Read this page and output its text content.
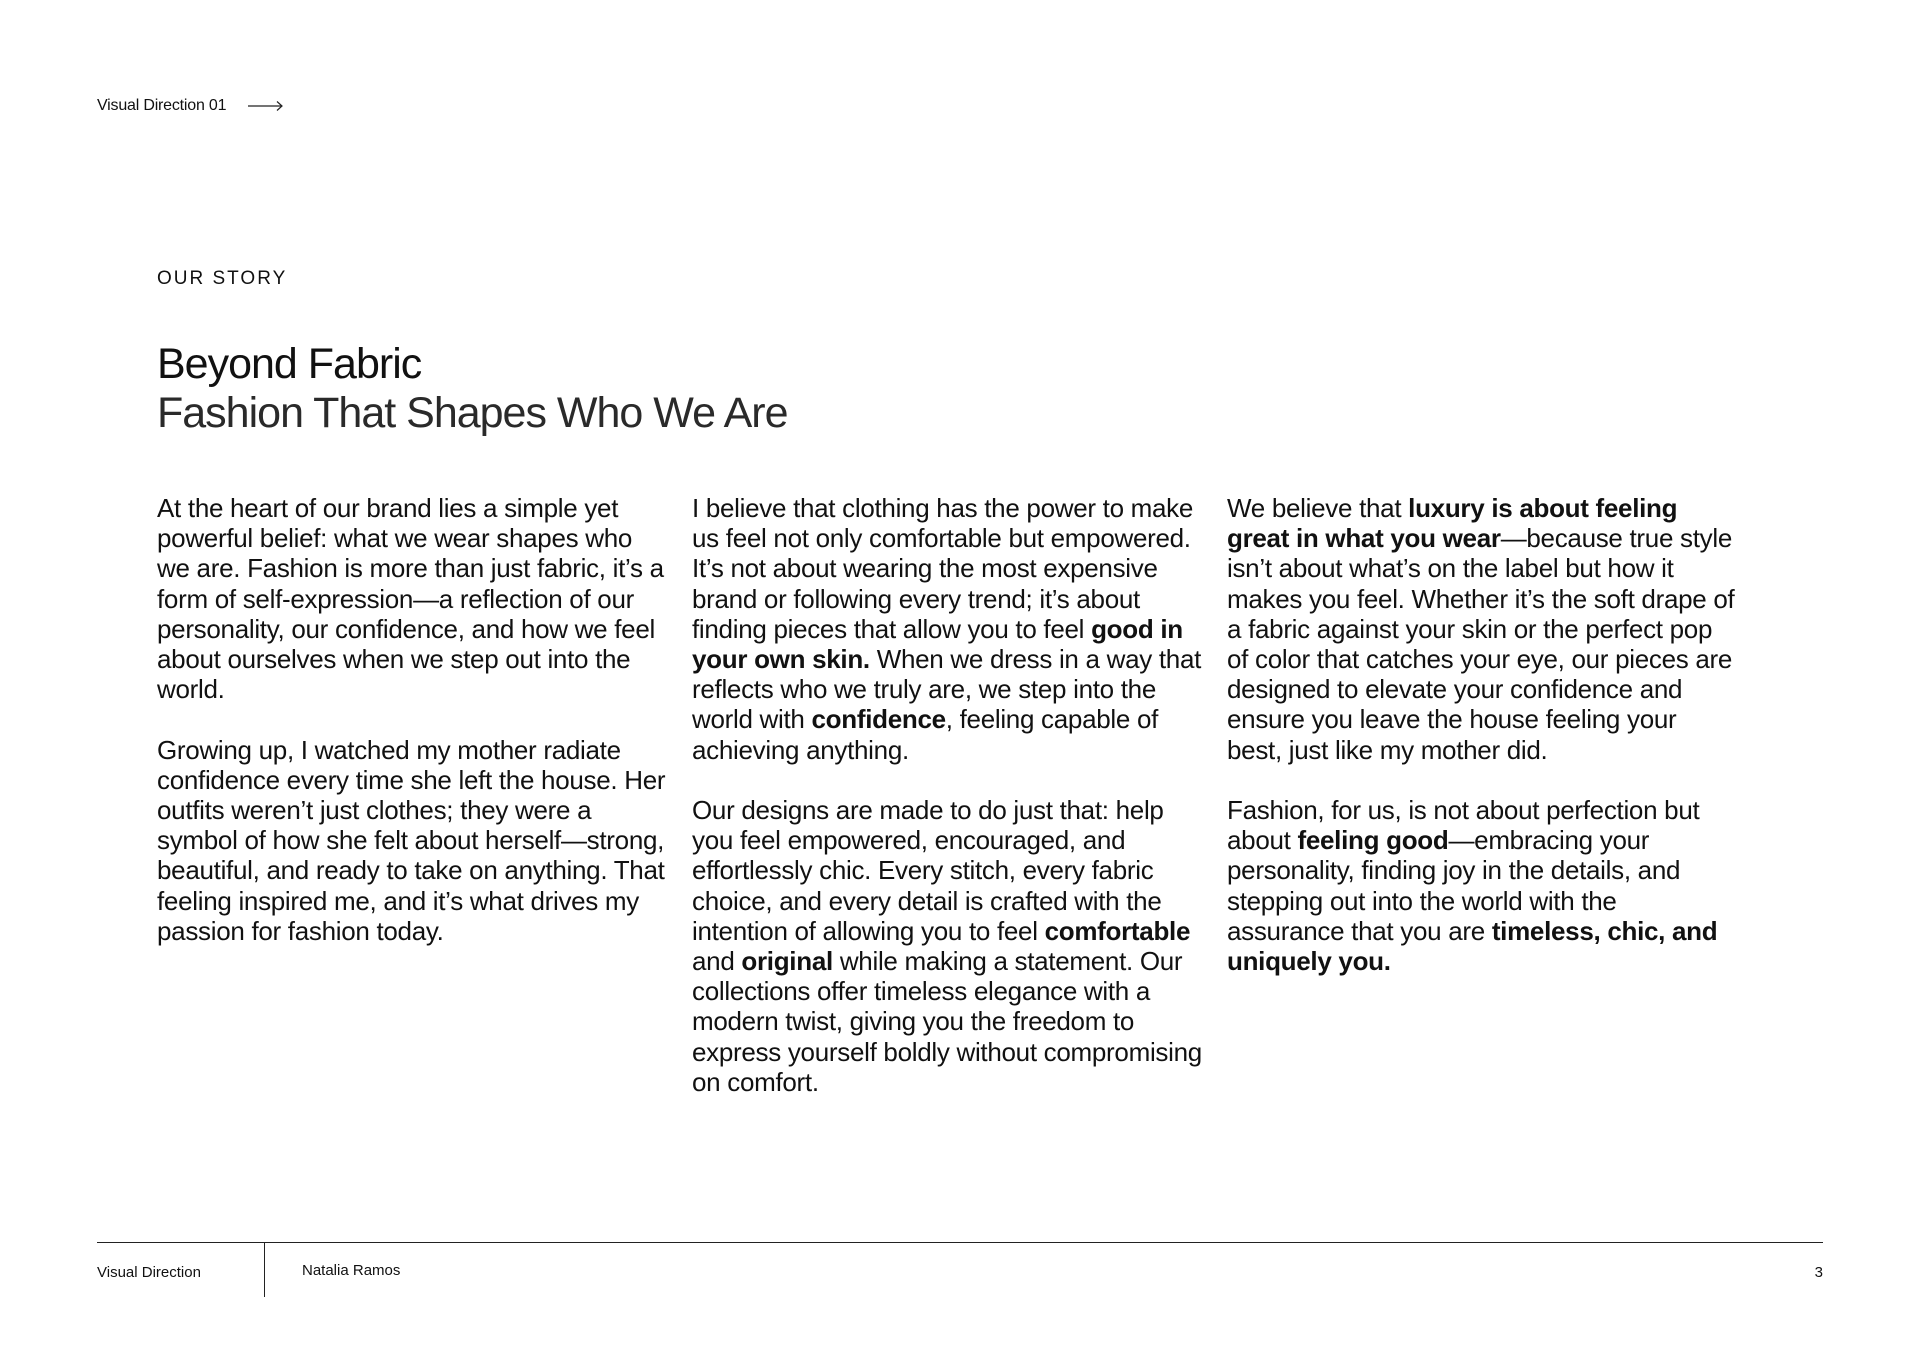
Visual Direction 01
OUR STORY
Beyond Fabric
Fashion That Shapes Who We Are

At the heart of our brand lies a simple yet powerful belief: what we wear shapes who we are. Fashion is more than just fabric, it’s a form of self-expression—a reflection of our personality, our confidence, and how we feel about ourselves when we step out into the world.

Growing up, I watched my mother radiate confidence every time she left the house. Her outfits weren’t just clothes; they were a symbol of how she felt about herself—strong, beautiful, and ready to take on anything. That feeling inspired me, and it’s what drives my passion for fashion today.

I believe that clothing has the power to make us feel not only comfortable but empowered. It’s not about wearing the most expensive brand or following every trend; it’s about finding pieces that allow you to feel good in your own skin. When we dress in a way that reflects who we truly are, we step into the world with confidence, feeling capable of achieving anything.

Our designs are made to do just that: help you feel empowered, encouraged, and effortlessly chic. Every stitch, every fabric choice, and every detail is crafted with the intention of allowing you to feel comfortable and original while making a statement. Our collections offer timeless elegance with a modern twist, giving you the freedom to express yourself boldly without compromising on comfort.

We believe that luxury is about feeling great in what you wear—because true style isn’t about what’s on the label but how it makes you feel. Whether it’s the soft drape of a fabric against your skin or the perfect pop of color that catches your eye, our pieces are designed to elevate your confidence and ensure you leave the house feeling your best, just like my mother did.

Fashion, for us, is not about perfection but about feeling good—embracing your personality, finding joy in the details, and stepping out into the world with the assurance that you are timeless, chic, and uniquely you.

Visual Direction	Natalia Ramos	3
